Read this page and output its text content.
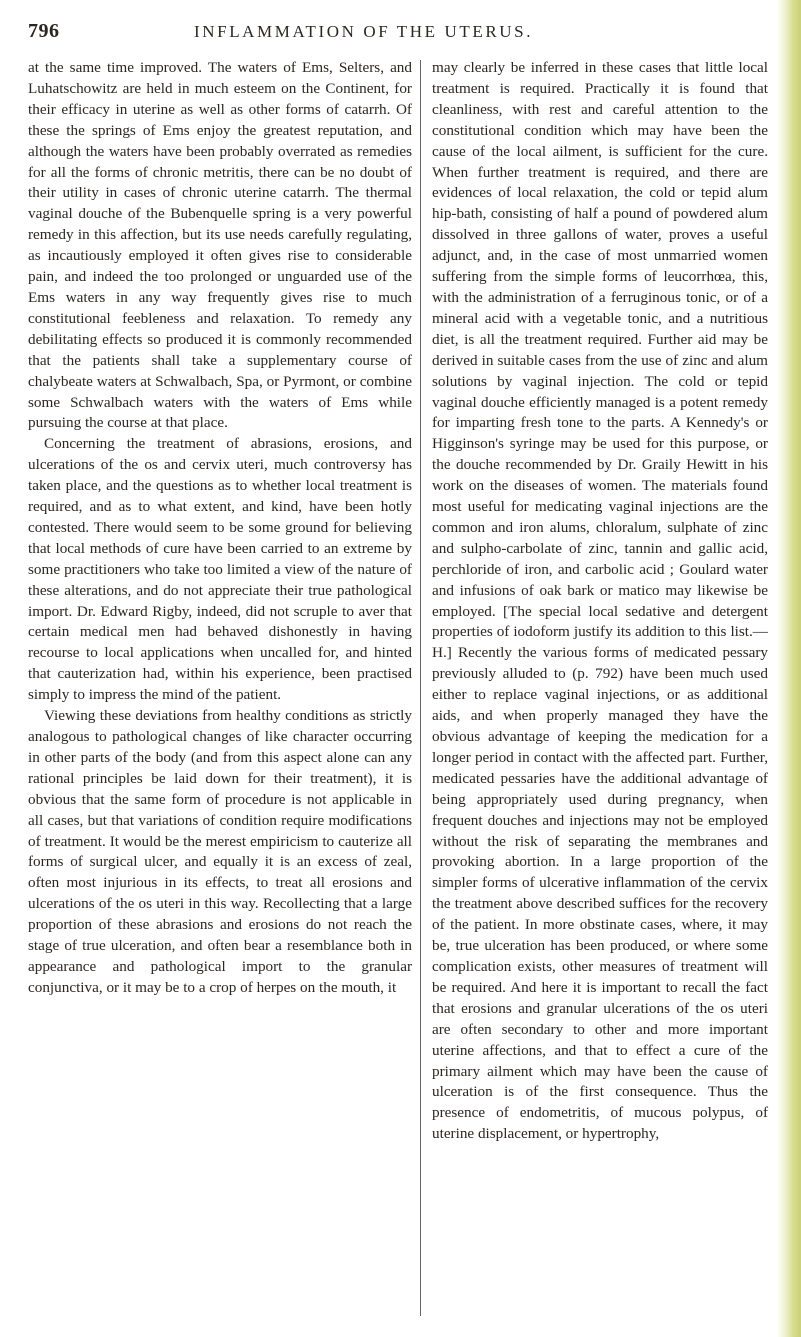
796	INFLAMMATION OF THE UTERUS.

at the same time improved. The waters of Ems, Selters, and Luhatschowitz are held in much esteem on the Continent, for their efficacy in uterine as well as other forms of catarrh. Of these the springs of Ems enjoy the greatest reputation, and although the waters have been probably overrated as remedies for all the forms of chronic metritis, there can be no doubt of their utility in cases of chronic uterine catarrh. The thermal vaginal douche of the Bubenquelle spring is a very powerful remedy in this affection, but its use needs carefully regulating, as incautiously employed it often gives rise to considerable pain, and indeed the too prolonged or unguarded use of the Ems waters in any way frequently gives rise to much constitutional feebleness and relaxation. To remedy any debilitating effects so produced it is commonly recommended that the patients shall take a supplementary course of chalybeate waters at Schwalbach, Spa, or Pyrmont, or combine some Schwalbach waters with the waters of Ems while pursuing the course at that place.

Concerning the treatment of abrasions, erosions, and ulcerations of the os and cervix uteri, much controversy has taken place, and the questions as to whether local treatment is required, and as to what extent, and kind, have been hotly contested. There would seem to be some ground for believing that local methods of cure have been carried to an extreme by some practitioners who take too limited a view of the nature of these alterations, and do not appreciate their true pathological import. Dr. Edward Rigby, indeed, did not scruple to aver that certain medical men had behaved dishonestly in having recourse to local applications when uncalled for, and hinted that cauterization had, within his experience, been practised simply to impress the mind of the patient.

Viewing these deviations from healthy conditions as strictly analogous to pathological changes of like character occurring in other parts of the body (and from this aspect alone can any rational principles be laid down for their treatment), it is obvious that the same form of procedure is not applicable in all cases, but that variations of condition require modifications of treatment. It would be the merest empiricism to cauterize all forms of surgical ulcer, and equally it is an excess of zeal, often most injurious in its effects, to treat all erosions and ulcerations of the os uteri in this way. Recollecting that a large proportion of these abrasions and erosions do not reach the stage of true ulceration, and often bear a resemblance both in appearance and pathological import to the granular conjunctiva, or it may be to a crop of herpes on the mouth, it

may clearly be inferred in these cases that little local treatment is required. Practically it is found that cleanliness, with rest and careful attention to the constitutional condition which may have been the cause of the local ailment, is sufficient for the cure. When further treatment is required, and there are evidences of local relaxation, the cold or tepid alum hip-bath, consisting of half a pound of powdered alum dissolved in three gallons of water, proves a useful adjunct, and, in the case of most unmarried women suffering from the simple forms of leucorrhœa, this, with the administration of a ferruginous tonic, or of a mineral acid with a vegetable tonic, and a nutritious diet, is all the treatment required. Further aid may be derived in suitable cases from the use of zinc and alum solutions by vaginal injection. The cold or tepid vaginal douche efficiently managed is a potent remedy for imparting fresh tone to the parts. A Kennedy's or Higginson's syringe may be used for this purpose, or the douche recommended by Dr. Graily Hewitt in his work on the diseases of women. The materials found most useful for medicating vaginal injections are the common and iron alums, chloralum, sulphate of zinc and sulpho-carbolate of zinc, tannin and gallic acid, perchloride of iron, and carbolic acid ; Goulard water and infusions of oak bark or matico may likewise be employed. [The special local sedative and detergent properties of iodoform justify its addition to this list.—H.] Recently the various forms of medicated pessary previously alluded to (p. 792) have been much used either to replace vaginal injections, or as additional aids, and when properly managed they have the obvious advantage of keeping the medication for a longer period in contact with the affected part. Further, medicated pessaries have the additional advantage of being appropriately used during pregnancy, when frequent douches and injections may not be employed without the risk of separating the membranes and provoking abortion. In a large proportion of the simpler forms of ulcerative inflammation of the cervix the treatment above described suffices for the recovery of the patient. In more obstinate cases, where, it may be, true ulceration has been produced, or where some complication exists, other measures of treatment will be required. And here it is important to recall the fact that erosions and granular ulcerations of the os uteri are often secondary to other and more important uterine affections, and that to effect a cure of the primary ailment which may have been the cause of ulceration is of the first consequence. Thus the presence of endometritis, of mucous polypus, of uterine displacement, or hypertrophy,
